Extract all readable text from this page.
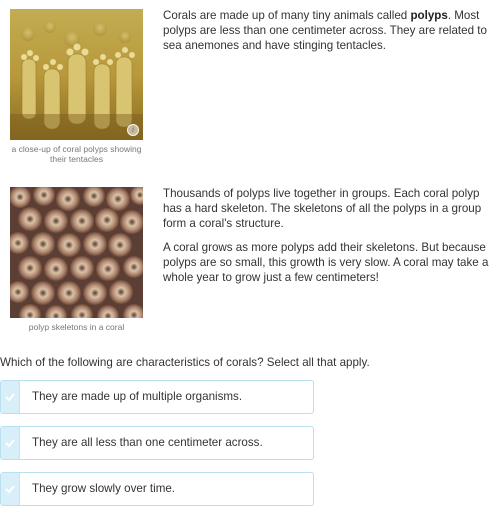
i
a close-up of coral polyps showing their tentacles

Corals are made up of many tiny animals called polyps. Most polyps are less than one centimeter across. They are related to sea anemones and have stinging tentacles.

polyp skeletons in a coral

Thousands of polyps live together in groups. Each coral polyp has a hard skeleton. The skeletons of all the polyps in a group form a coral's structure.

A coral grows as more polyps add their skeletons. But because polyps are so small, this growth is very slow. A coral may take a whole year to grow just a few centimeters!

Which of the following are characteristics of corals? Select all that apply.
They are made up of multiple organisms.
They are all less than one centimeter across.
They grow slowly over time.
